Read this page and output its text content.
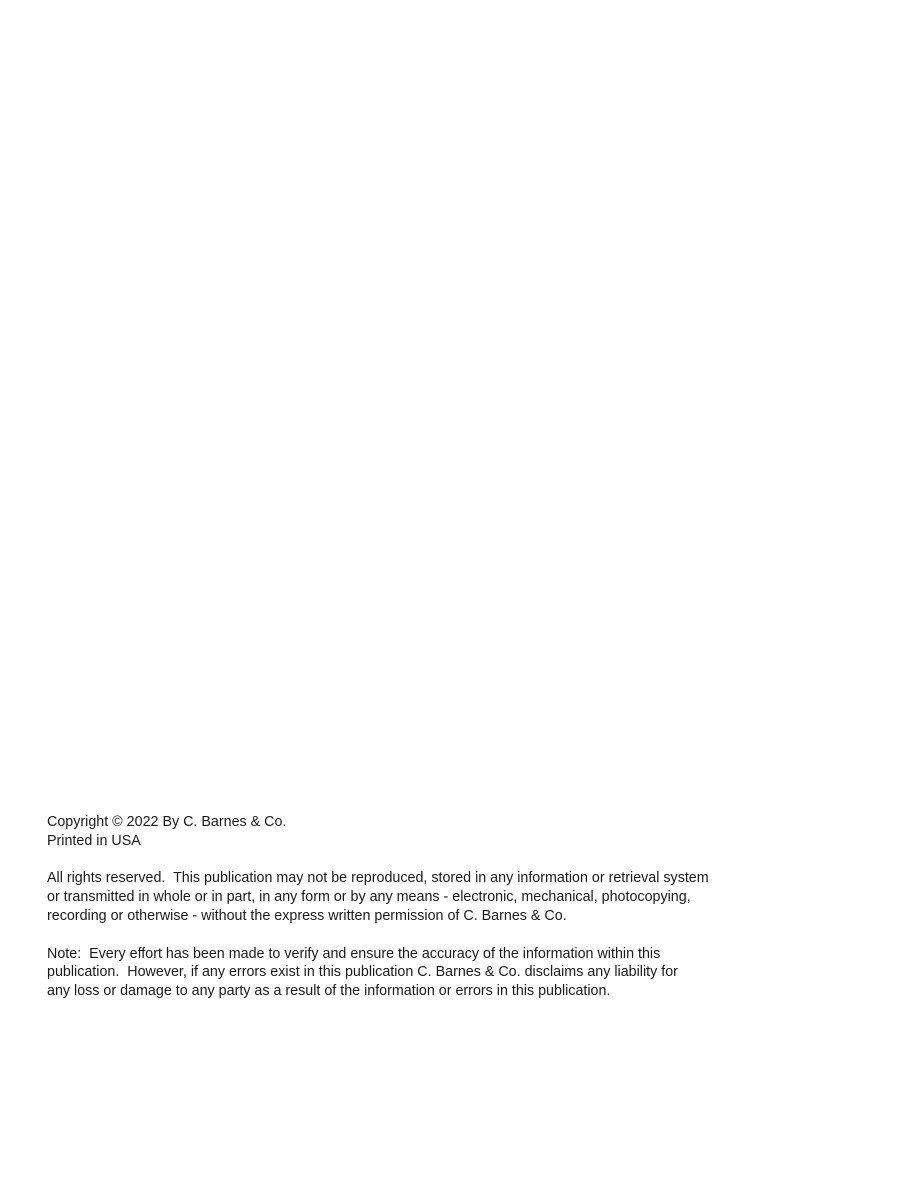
Copyright © 2022 By C. Barnes & Co.
Printed in USA
All rights reserved.  This publication may not be reproduced, stored in any information or retrieval system
or transmitted in whole or in part, in any form or by any means - electronic, mechanical, photocopying,
recording or otherwise - without the express written permission of C. Barnes & Co.
Note:  Every effort has been made to verify and ensure the accuracy of the information within this
publication.  However, if any errors exist in this publication C. Barnes & Co. disclaims any liability for
any loss or damage to any party as a result of the information or errors in this publication.
